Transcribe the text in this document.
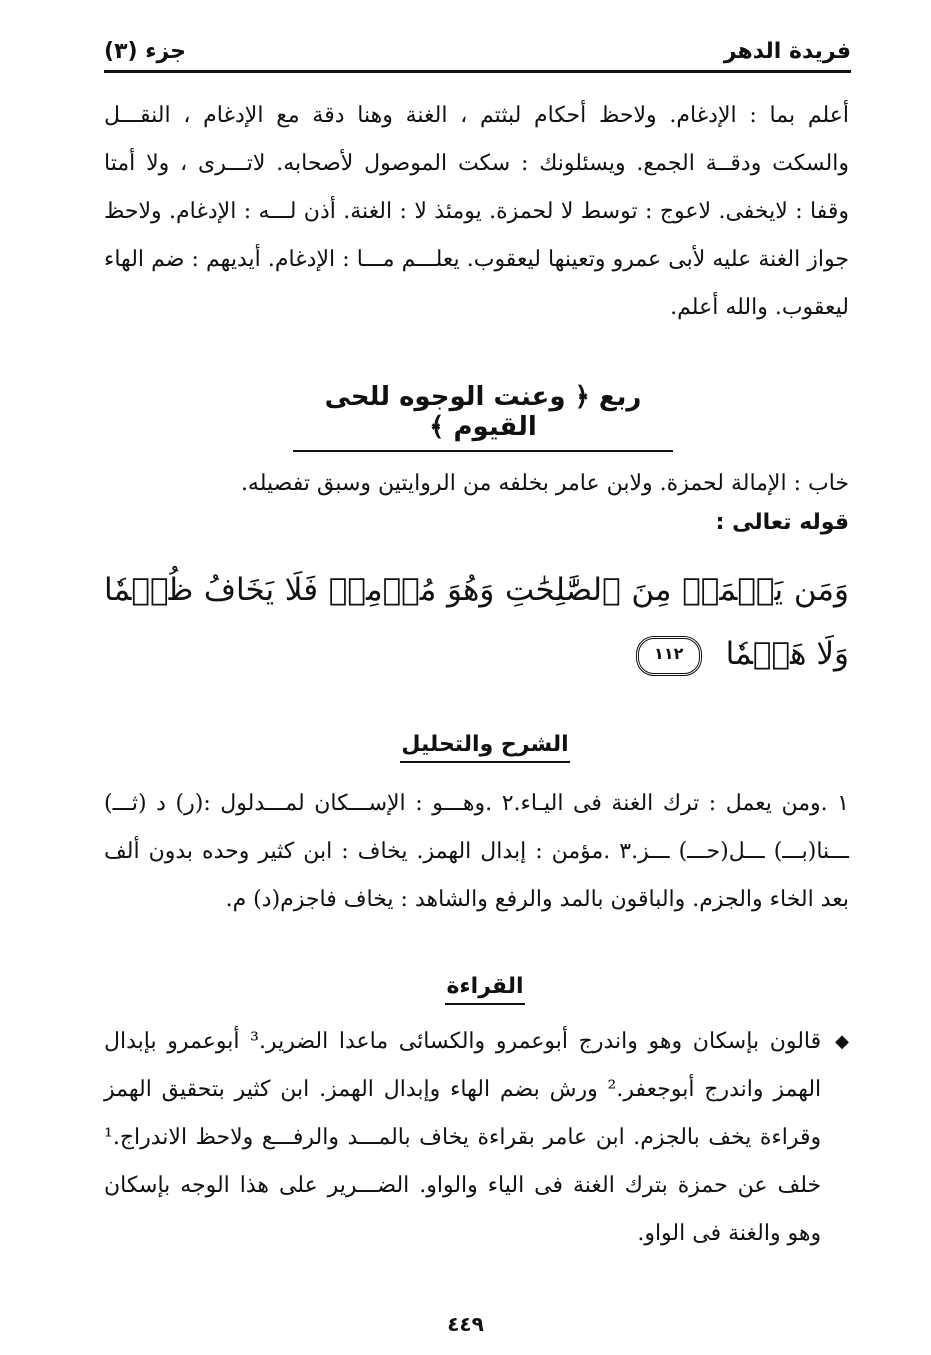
فريدة الدهر
جزء (٣)
أعلم بما : الإدغام. ولاحظ أحكام لبثتم ، الغنة وهنا دقة مع الإدغام ، النقـــل والسكت ودقــة الجمع. ويسئلونك : سكت الموصول لأصحابه. لاتـــرى ، ولا أمتا وقفا : لايخفى. لاعوج : توسط لا لحمزة. يومئذ لا : الغنة. أذن لـــه : الإدغام. ولاحظ جواز الغنة عليه لأبى عمرو وتعينها ليعقوب. يعلـــم مـــا : الإدغام. أيديهم : ضم الهاء ليعقوب. والله أعلم.
ربع ﴿ وعنت الوجوه للحى القيوم ﴾
خاب : الإمالة لحمزة. ولابن عامر بخلفه من الروايتين وسبق تفصيله.
قوله تعالى :
وَمَن يَعۡمَلۡ مِنَ ٱلصَّٰلِحَٰتِ وَهُوَ مُؤۡمِنٞ فَلَا يَخَافُ ظُلۡمٗا وَلَا هَضۡمٗا ١١٢
الشرح والتحليل
١ .ومن يعمل : ترك الغنة فى اليـاء.٢ .وهـــو : الإســـكان لمـــدلول :(ر) د (ثـــ) ـــنا(بـــ) ـــل(حـــ) ـــز.٣ .مؤمن : إبدال الهمز. يخاف : ابن كثير وحده بدون ألف بعد الخاء والجزم. والباقون بالمد والرفع والشاهد : يخاف فاجزم(د) م.
القراءة
◆
قالون بإسكان وهو واندرج أبوعمرو والكسائى ماعدا الضرير.³ أبوعمرو بإبدال الهمز واندرج أبوجعفر.² ورش بضم الهاء وإبدال الهمز. ابن كثير بتحقيق الهمز وقراءة يخف بالجزم. ابن عامر بقراءة يخاف بالمـــد والرفـــع ولاحظ الاندراج.¹ خلف عن حمزة بترك الغنة فى الياء والواو. الضـــرير على هذا الوجه بإسكان وهو والغنة فى الواو.
٤٤٩
